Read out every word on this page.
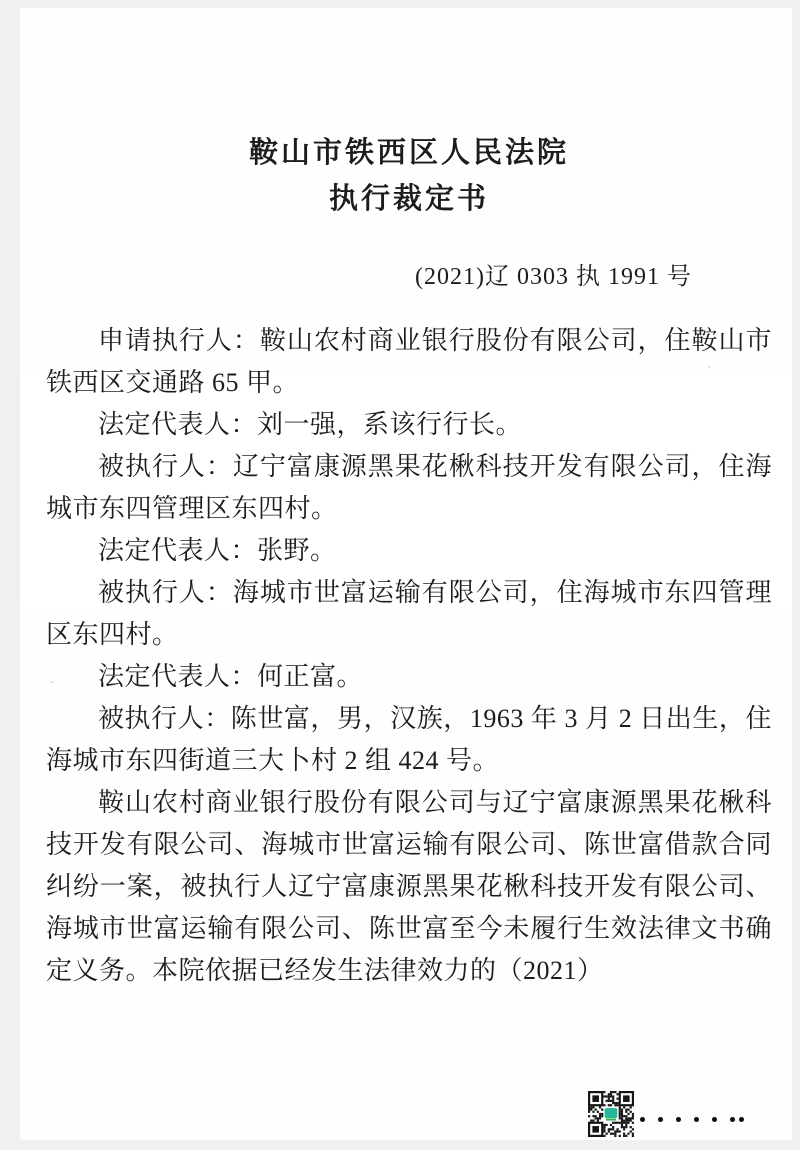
鞍山市铁西区人民法院
执行裁定书
(2021)辽 0303 执 1991 号

申请执行人：鞍山农村商业银行股份有限公司，住鞍山市铁西区交通路 65 甲。

法定代表人：刘一强，系该行行长。

被执行人：辽宁富康源黑果花楸科技开发有限公司，住海城市东四管理区东四村。

法定代表人：张野。

被执行人：海城市世富运输有限公司，住海城市东四管理区东四村。

法定代表人：何正富。

被执行人：陈世富，男，汉族，1963 年 3 月 2 日出生，住海城市东四街道三大卜村 2 组 424 号。

鞍山农村商业银行股份有限公司与辽宁富康源黑果花楸科技开发有限公司、海城市世富运输有限公司、陈世富借款合同纠纷一案，被执行人辽宁富康源黑果花楸科技开发有限公司、海城市世富运输有限公司、陈世富至今未履行生效法律文书确定义务。本院依据已经发生法律效力的（2021）
